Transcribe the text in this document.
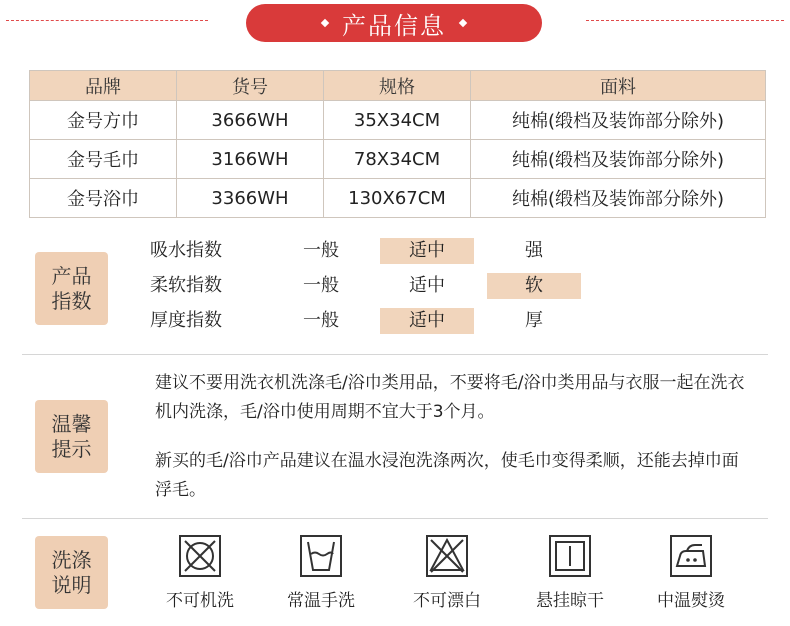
产品信息
品牌	货号	规格	面料
金号方巾	3666WH	35X34CM	纯棉(缎档及装饰部分除外)
金号毛巾	3166WH	78X34CM	纯棉(缎档及装饰部分除外)
金号浴巾	3366WH	130X67CM	纯棉(缎档及装饰部分除外)
产品
指数
吸水指数	一般	适中	强
柔软指数	一般	适中	软
厚度指数	一般	适中	厚
温馨
提示
建议不要用洗衣机洗涤毛/浴巾类用品，不要将毛/浴巾类用品与衣服一起在洗衣机内洗涤，毛/浴巾使用周期不宜大于3个月。
新买的毛/浴巾产品建议在温水浸泡洗涤两次，使毛巾变得柔顺，还能去掉巾面浮毛。
洗涤
说明
不可机洗	常温手洗	不可漂白	悬挂晾干	中温熨烫
